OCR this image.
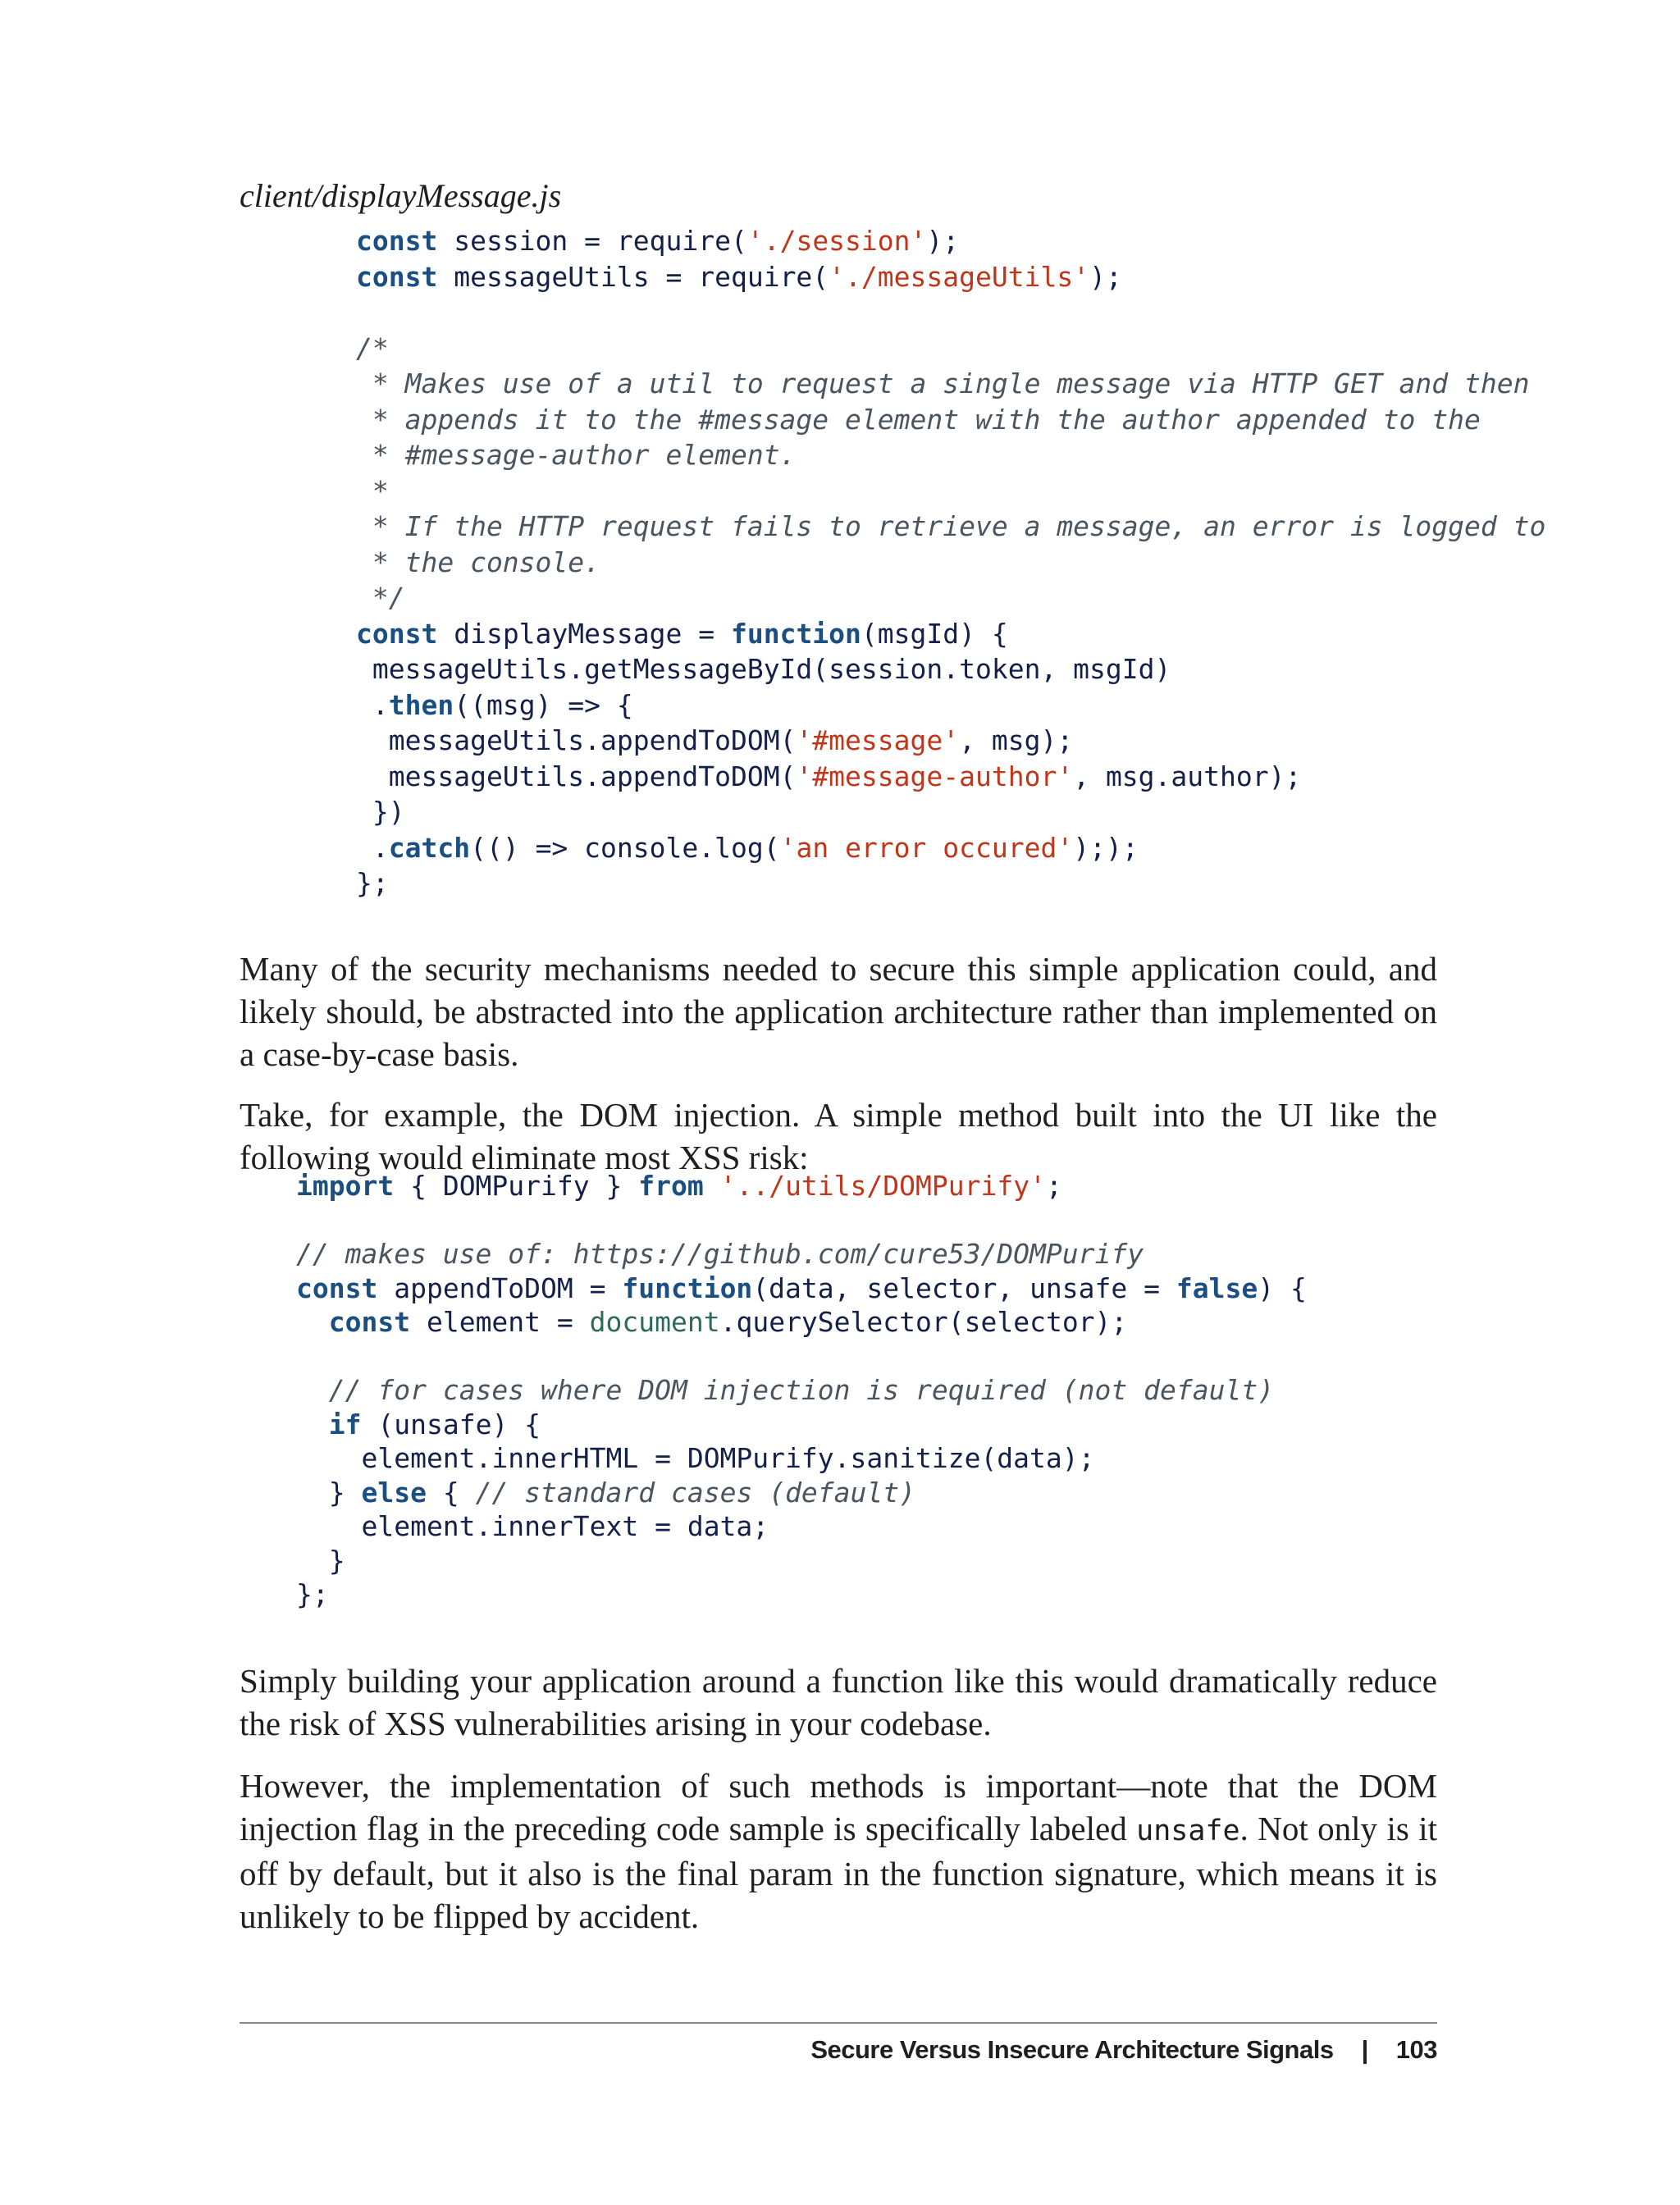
client/displayMessage.js
const session = require('./session');
const messageUtils = require('./messageUtils');

/*
* Makes use of a util to request a single message via HTTP GET and then
* appends it to the #message element with the author appended to the
* #message-author element.
*
* If the HTTP request fails to retrieve a message, an error is logged to
* the console.
*/
const displayMessage = function(msgId) {
messageUtils.getMessageById(session.token, msgId)
.then((msg) => {
messageUtils.appendToDOM('#message', msg);
messageUtils.appendToDOM('#message-author', msg.author);
})
.catch(() => console.log('an error occured'););
};

Many of the security mechanisms needed to secure this simple application could, and likely should, be abstracted into the application architecture rather than implemented on a case-by-case basis.

Take, for example, the DOM injection. A simple method built into the UI like the following would eliminate most XSS risk:

import { DOMPurify } from '../utils/DOMPurify';

// makes use of: https://github.com/cure53/DOMPurify
const appendToDOM = function(data, selector, unsafe = false) {
const element = document.querySelector(selector);

// for cases where DOM injection is required (not default)
if (unsafe) {
element.innerHTML = DOMPurify.sanitize(data);
} else { // standard cases (default)
element.innerText = data;
}
};

Simply building your application around a function like this would dramatically reduce the risk of XSS vulnerabilities arising in your codebase.

However, the implementation of such methods is important—note that the DOM injection flag in the preceding code sample is specifically labeled unsafe. Not only is it off by default, but it also is the final param in the function signature, which means it is unlikely to be flipped by accident.

Secure Versus Insecure Architecture Signals | 103
